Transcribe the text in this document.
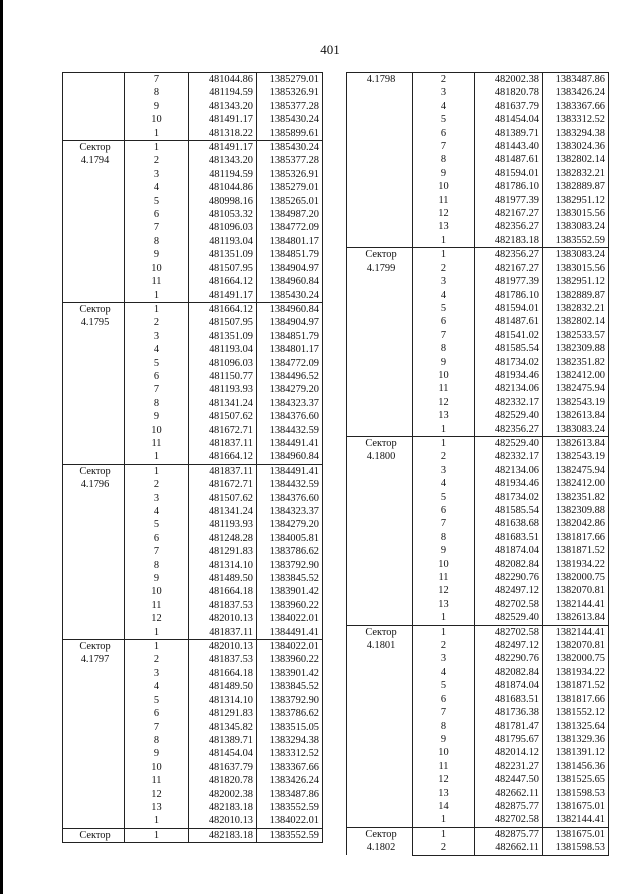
401
	7	481044.86	1385279.01
	8	481194.59	1385326.91
	9	481343.20	1385377.28
	10	481491.17	1385430.24
	1	481318.22	1385899.61

Сектор
4.1794	1	481491.17	1385430.24
	2	481343.20	1385377.28
	3	481194.59	1385326.91
	4	481044.86	1385279.01
	5	480998.16	1385265.01
	6	481053.32	1384987.20
	7	481096.03	1384772.09
	8	481193.04	1384801.17
	9	481351.09	1384851.79
	10	481507.95	1384904.97
	11	481664.12	1384960.84
	1	481491.17	1385430.24

Сектор
4.1795	1	481664.12	1384960.84
	2	481507.95	1384904.97
	3	481351.09	1384851.79
	4	481193.04	1384801.17
	5	481096.03	1384772.09
	6	481150.77	1384496.52
	7	481193.93	1384279.20
	8	481341.24	1384323.37
	9	481507.62	1384376.60
	10	481672.71	1384432.59
	11	481837.11	1384491.41
	1	481664.12	1384960.84

Сектор
4.1796	1	481837.11	1384491.41
	2	481672.71	1384432.59
	3	481507.62	1384376.60
	4	481341.24	1384323.37
	5	481193.93	1384279.20
	6	481248.28	1384005.81
	7	481291.83	1383786.62
	8	481314.10	1383792.90
	9	481489.50	1383845.52
	10	481664.18	1383901.42
	11	481837.53	1383960.22
	12	482010.13	1384022.01
	1	481837.11	1384491.41

Сектор
4.1797	1	482010.13	1384022.01
	2	481837.53	1383960.22
	3	481664.18	1383901.42
	4	481489.50	1383845.52
	5	481314.10	1383792.90
	6	481291.83	1383786.62
	7	481345.82	1383515.05
	8	481389.71	1383294.38
	9	481454.04	1383312.52
	10	481637.79	1383367.66
	11	481820.78	1383426.24
	12	482002.38	1383487.86
	13	482183.18	1383552.59
	1	482010.13	1384022.01

Сектор	1	482183.18	1383552.59
4.1798	2	482002.38	1383487.86
	3	481820.78	1383426.24
	4	481637.79	1383367.66
	5	481454.04	1383312.52
	6	481389.71	1383294.38
	7	481443.40	1383024.36
	8	481487.61	1382802.14
	9	481594.01	1382832.21
	10	481786.10	1382889.87
	11	481977.39	1382951.12
	12	482167.27	1383015.56
	13	482356.27	1383083.24
	1	482183.18	1383552.59

Сектор
4.1799	1	482356.27	1383083.24
	2	482167.27	1383015.56
	3	481977.39	1382951.12
	4	481786.10	1382889.87
	5	481594.01	1382832.21
	6	481487.61	1382802.14
	7	481541.02	1382533.57
	8	481585.54	1382309.88
	9	481734.02	1382351.82
	10	481934.46	1382412.00
	11	482134.06	1382475.94
	12	482332.17	1382543.19
	13	482529.40	1382613.84
	1	482356.27	1383083.24

Сектор
4.1800	1	482529.40	1382613.84
	2	482332.17	1382543.19
	3	482134.06	1382475.94
	4	481934.46	1382412.00
	5	481734.02	1382351.82
	6	481585.54	1382309.88
	7	481638.68	1382042.86
	8	481683.51	1381817.66
	9	481874.04	1381871.52
	10	482082.84	1381934.22
	11	482290.76	1382000.75
	12	482497.12	1382070.81
	13	482702.58	1382144.41
	1	482529.40	1382613.84

Сектор
4.1801	1	482702.58	1382144.41
	2	482497.12	1382070.81
	3	482290.76	1382000.75
	4	482082.84	1381934.22
	5	481874.04	1381871.52
	6	481683.51	1381817.66
	7	481736.38	1381552.12
	8	481781.47	1381325.64
	9	481795.67	1381329.36
	10	482014.12	1381391.12
	11	482231.27	1381456.36
	12	482447.50	1381525.65
	13	482662.11	1381598.53
	14	482875.77	1381675.01
	1	482702.58	1382144.41

Сектор
4.1802	1	482875.77	1381675.01
	2	482662.11	1381598.53
